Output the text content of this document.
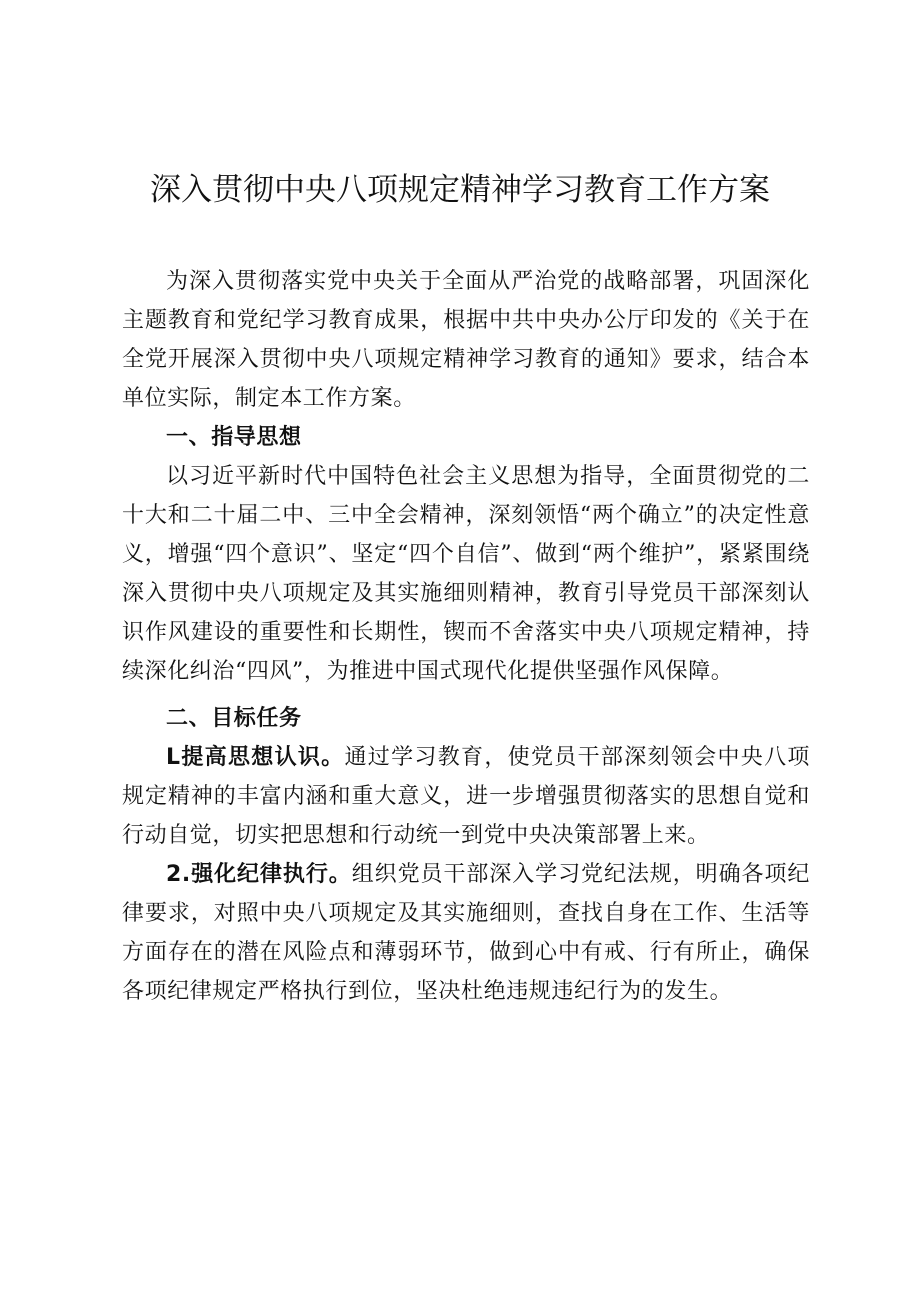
深入贯彻中央八项规定精神学习教育工作方案

为深入贯彻落实党中央关于全面从严治党的战略部署，巩固深化主题教育和党纪学习教育成果，根据中共中央办公厅印发的《关于在全党开展深入贯彻中央八项规定精神学习教育的通知》要求，结合本单位实际，制定本工作方案。

一、指导思想

以习近平新时代中国特色社会主义思想为指导，全面贯彻党的二十大和二十届二中、三中全会精神，深刻领悟“两个确立”的决定性意义，增强“四个意识”、坚定“四个自信”、做到“两个维护”，紧紧围绕深入贯彻中央八项规定及其实施细则精神，教育引导党员干部深刻认识作风建设的重要性和长期性，锲而不舍落实中央八项规定精神，持续深化纠治“四风”，为推进中国式现代化提供坚强作风保障。

二、目标任务

L提高思想认识。通过学习教育，使党员干部深刻领会中央八项规定精神的丰富内涵和重大意义，进一步增强贯彻落实的思想自觉和行动自觉，切实把思想和行动统一到党中央决策部署上来。

2.强化纪律执行。组织党员干部深入学习党纪法规，明确各项纪律要求，对照中央八项规定及其实施细则，查找自身在工作、生活等方面存在的潜在风险点和薄弱环节，做到心中有戒、行有所止，确保各项纪律规定严格执行到位，坚决杜绝违规违纪行为的发生。
